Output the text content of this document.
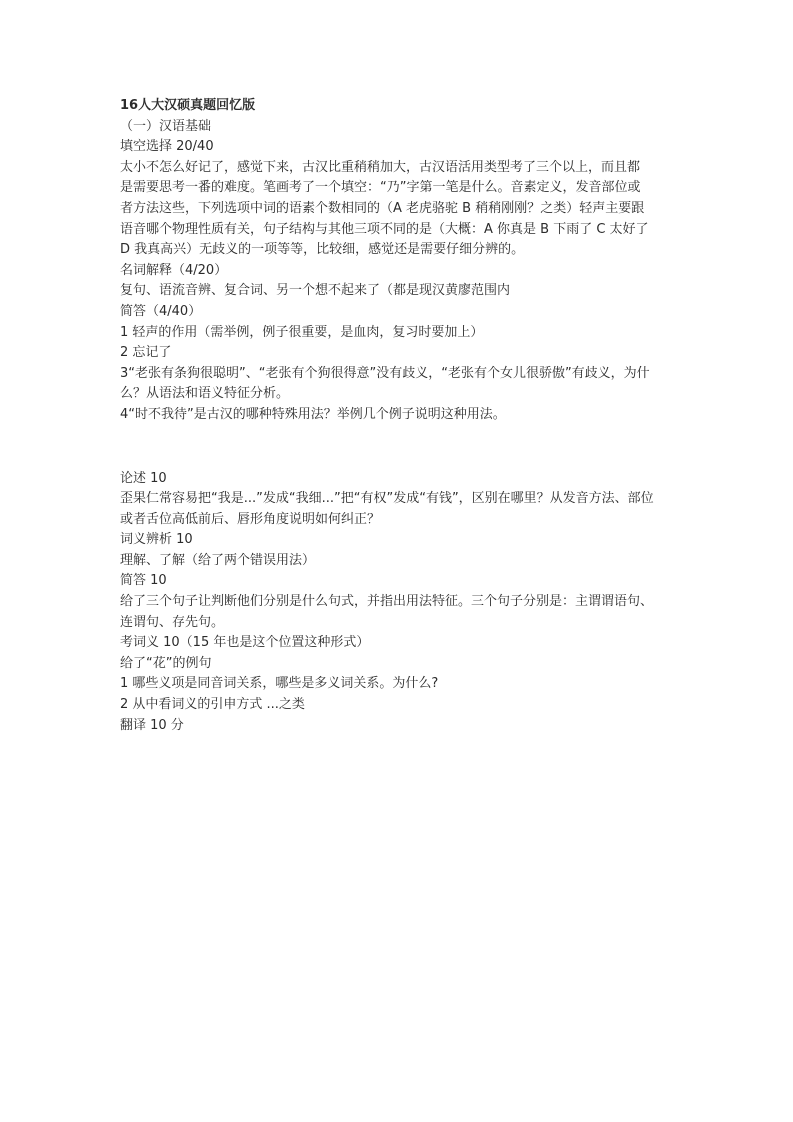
16人大汉硕真题回忆版
（一）汉语基础
填空选择 20/40
太小不怎么好记了，感觉下来，古汉比重稍稍加大，古汉语活用类型考了三个以上，而且都
是需要思考一番的难度。笔画考了一个填空：“乃”字第一笔是什么。音素定义，发音部位或
者方法这些，下列选项中词的语素个数相同的（A 老虎骆驼 B 稍稍刚刚？之类）轻声主要跟
语音哪个物理性质有关，句子结构与其他三项不同的是（大概：A 你真是 B 下雨了 C 太好了
D 我真高兴）无歧义的一项等等，比较细，感觉还是需要仔细分辨的。
名词解释（4/20）
复句、语流音辨、复合词、另一个想不起来了（都是现汉黄廖范围内
简答（4/40）
1 轻声的作用（需举例，例子很重要，是血肉，复习时要加上）
2 忘记了
3“老张有条狗很聪明”、“老张有个狗很得意”没有歧义，“老张有个女儿很骄傲”有歧义，为什
么？从语法和语义特征分析。
4“时不我待”是古汉的哪种特殊用法？举例几个例子说明这种用法。
论述 10
歪果仁常容易把“我是...”发成“我细...”把“有权”发成“有钱”，区别在哪里？从发音方法、部位
或者舌位高低前后、唇形角度说明如何纠正？
词义辨析 10
理解、了解（给了两个错误用法）
简答 10
给了三个句子让判断他们分别是什么句式，并指出用法特征。三个句子分别是：主谓谓语句、
连谓句、存先句。
考词义 10（15 年也是这个位置这种形式）
给了“花”的例句
1 哪些义项是同音词关系，哪些是多义词关系。为什么?
2 从中看词义的引申方式 ...之类
翻译 10 分
